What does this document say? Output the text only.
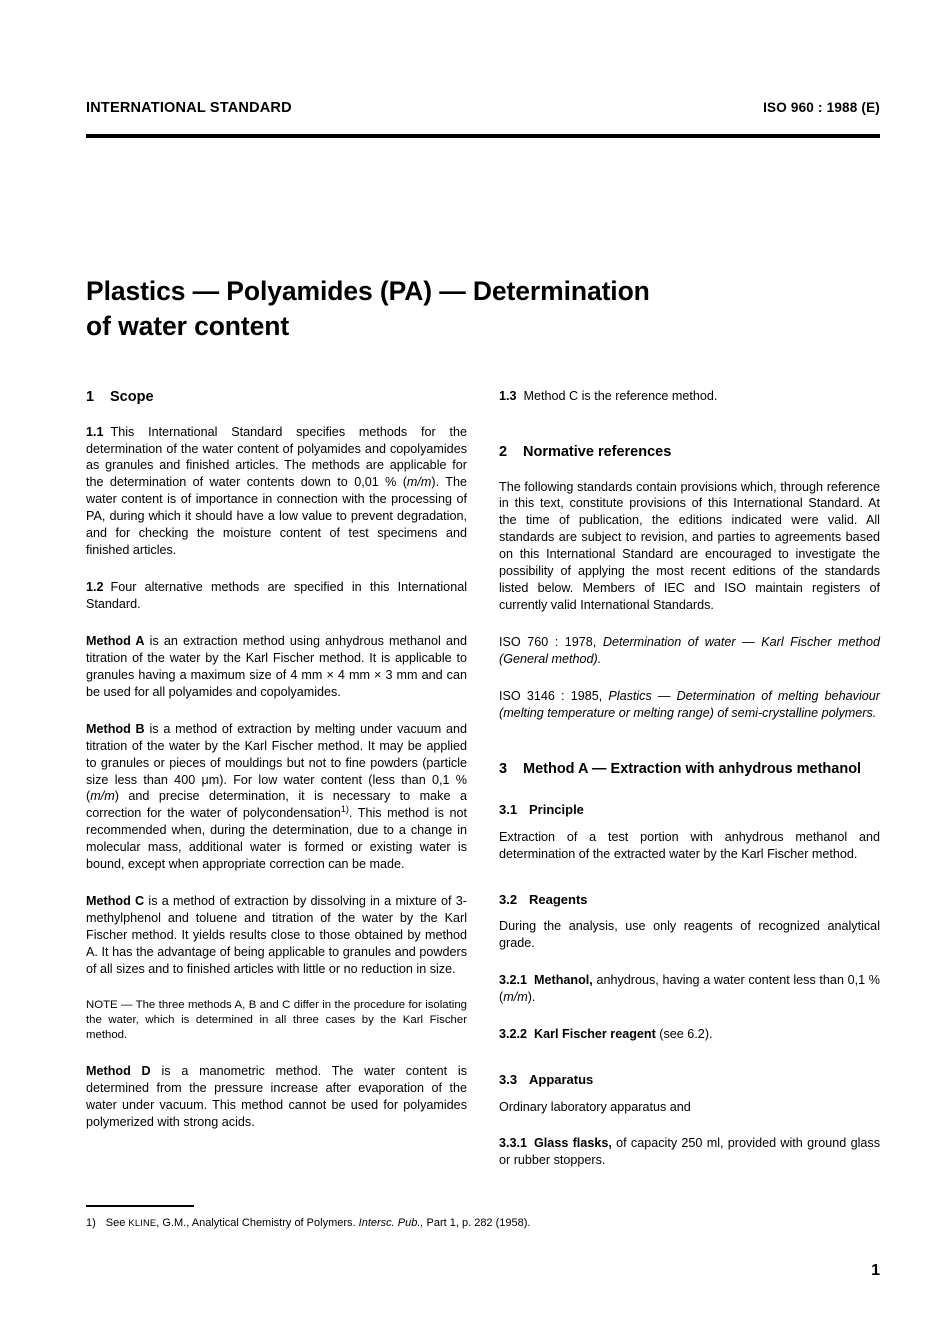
INTERNATIONAL STANDARD	ISO 960 : 1988 (E)
Plastics — Polyamides (PA) — Determination
of water content
1 Scope

1.1 This International Standard specifies methods for the determination of the water content of polyamides and copolyamides as granules and finished articles. The methods are applicable for the determination of water contents down to 0,01 % (m/m). The water content is of importance in connection with the processing of PA, during which it should have a low value to prevent degradation, and for checking the moisture content of test specimens and finished articles.

1.2 Four alternative methods are specified in this International Standard.

Method A is an extraction method using anhydrous methanol and titration of the water by the Karl Fischer method. It is applicable to granules having a maximum size of 4 mm × 4 mm × 3 mm and can be used for all polyamides and copolyamides.

Method B is a method of extraction by melting under vacuum and titration of the water by the Karl Fischer method. It may be applied to granules or pieces of mouldings but not to fine powders (particle size less than 400 μm). For low water content (less than 0,1 % (m/m) and precise determination, it is necessary to make a correction for the water of polycondensation$^{1)}$. This method is not recommended when, during the determination, due to a change in molecular mass, additional water is formed or existing water is bound, except when appropriate correction can be made.

Method C is a method of extraction by dissolving in a mixture of 3-methylphenol and toluene and titration of the water by the Karl Fischer method. It yields results close to those obtained by method A. It has the advantage of being applicable to granules and powders of all sizes and to finished articles with little or no reduction in size.

NOTE — The three methods A, B and C differ in the procedure for isolating the water, which is determined in all three cases by the Karl Fischer method.

Method D is a manometric method. The water content is determined from the pressure increase after evaporation of the water under vacuum. This method cannot be used for polyamides polymerized with strong acids.

1.3 Method C is the reference method.

2 Normative references

The following standards contain provisions which, through reference in this text, constitute provisions of this International Standard. At the time of publication, the editions indicated were valid. All standards are subject to revision, and parties to agreements based on this International Standard are encouraged to investigate the possibility of applying the most recent editions of the standards listed below. Members of IEC and ISO maintain registers of currently valid International Standards.

ISO 760 : 1978, Determination of water — Karl Fischer method (General method).

ISO 3146 : 1985, Plastics — Determination of melting behaviour (melting temperature or melting range) of semi-crystalline polymers.

3 Method A — Extraction with anhydrous methanol
3.1 Principle

Extraction of a test portion with anhydrous methanol and determination of the extracted water by the Karl Fischer method.

3.2 Reagents

During the analysis, use only reagents of recognized analytical grade.

3.2.1 Methanol, anhydrous, having a water content less than 0,1 % (m/m).

3.2.2 Karl Fischer reagent (see 6.2).

3.3 Apparatus

Ordinary laboratory apparatus and

3.3.1 Glass flasks, of capacity 250 ml, provided with ground glass or rubber stoppers.

1) See KLINE, G.M., Analytical Chemistry of Polymers. Intersc. Pub., Part 1, p. 282 (1958).
1
